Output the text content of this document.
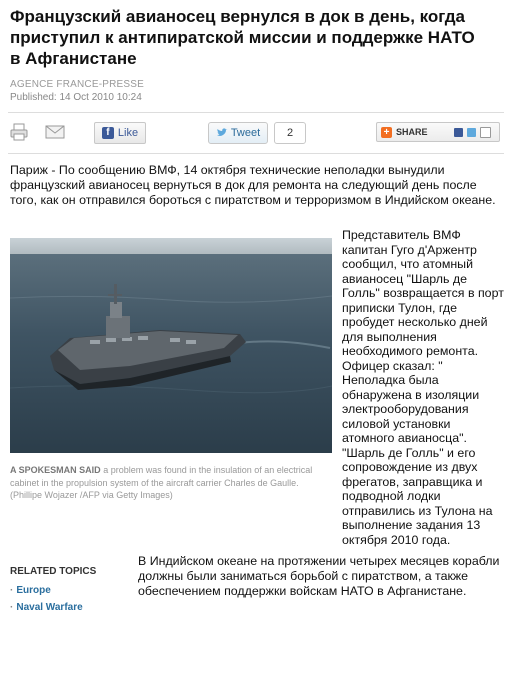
Французский авианосец вернулся в док в день, когда приступил к антипиратской миссии и поддержке НАТО в Афганистане
AGENCE FRANCE-PRESSE
Published: 14 Oct 2010 10:24
f Like	Tweet	2	+ SHARE
Париж - По сообщению ВМФ, 14 октября технические неполадки вынудили французский авианосец вернуться в док для ремонта на следующий день после того, как он отправился бороться с пиратством и терроризмом в Индийском океане.
A SPOKESMAN SAID a problem was found in the insulation of an electrical cabinet in the propulsion system of the aircraft carrier Charles de Gaulle. (Phillipe Wojazer /AFP via Getty Images)
Представитель ВМФ капитан Гуго д'Аржентр сообщил, что атомный авианосец "Шарль де Голль" возвращается в порт приписки Тулон, где пробудет несколько дней для выполнения необходимого ремонта. Офицер сказал: " Неполадка была обнаружена в изоляции электрооборудования силовой установки атомного авианосца". "Шарль де Голль" и его сопровождение из двух фрегатов, заправщика и подводной лодки отправились из Тулона на выполнение задания 13 октября 2010 года.
RELATED TOPICS
· Europe
· Naval Warfare
В Индийском океане на протяжении четырех месяцев корабли должны были заниматься борьбой с пиратством, а также обеспечением поддержки войскам НАТО в Афганистане.
